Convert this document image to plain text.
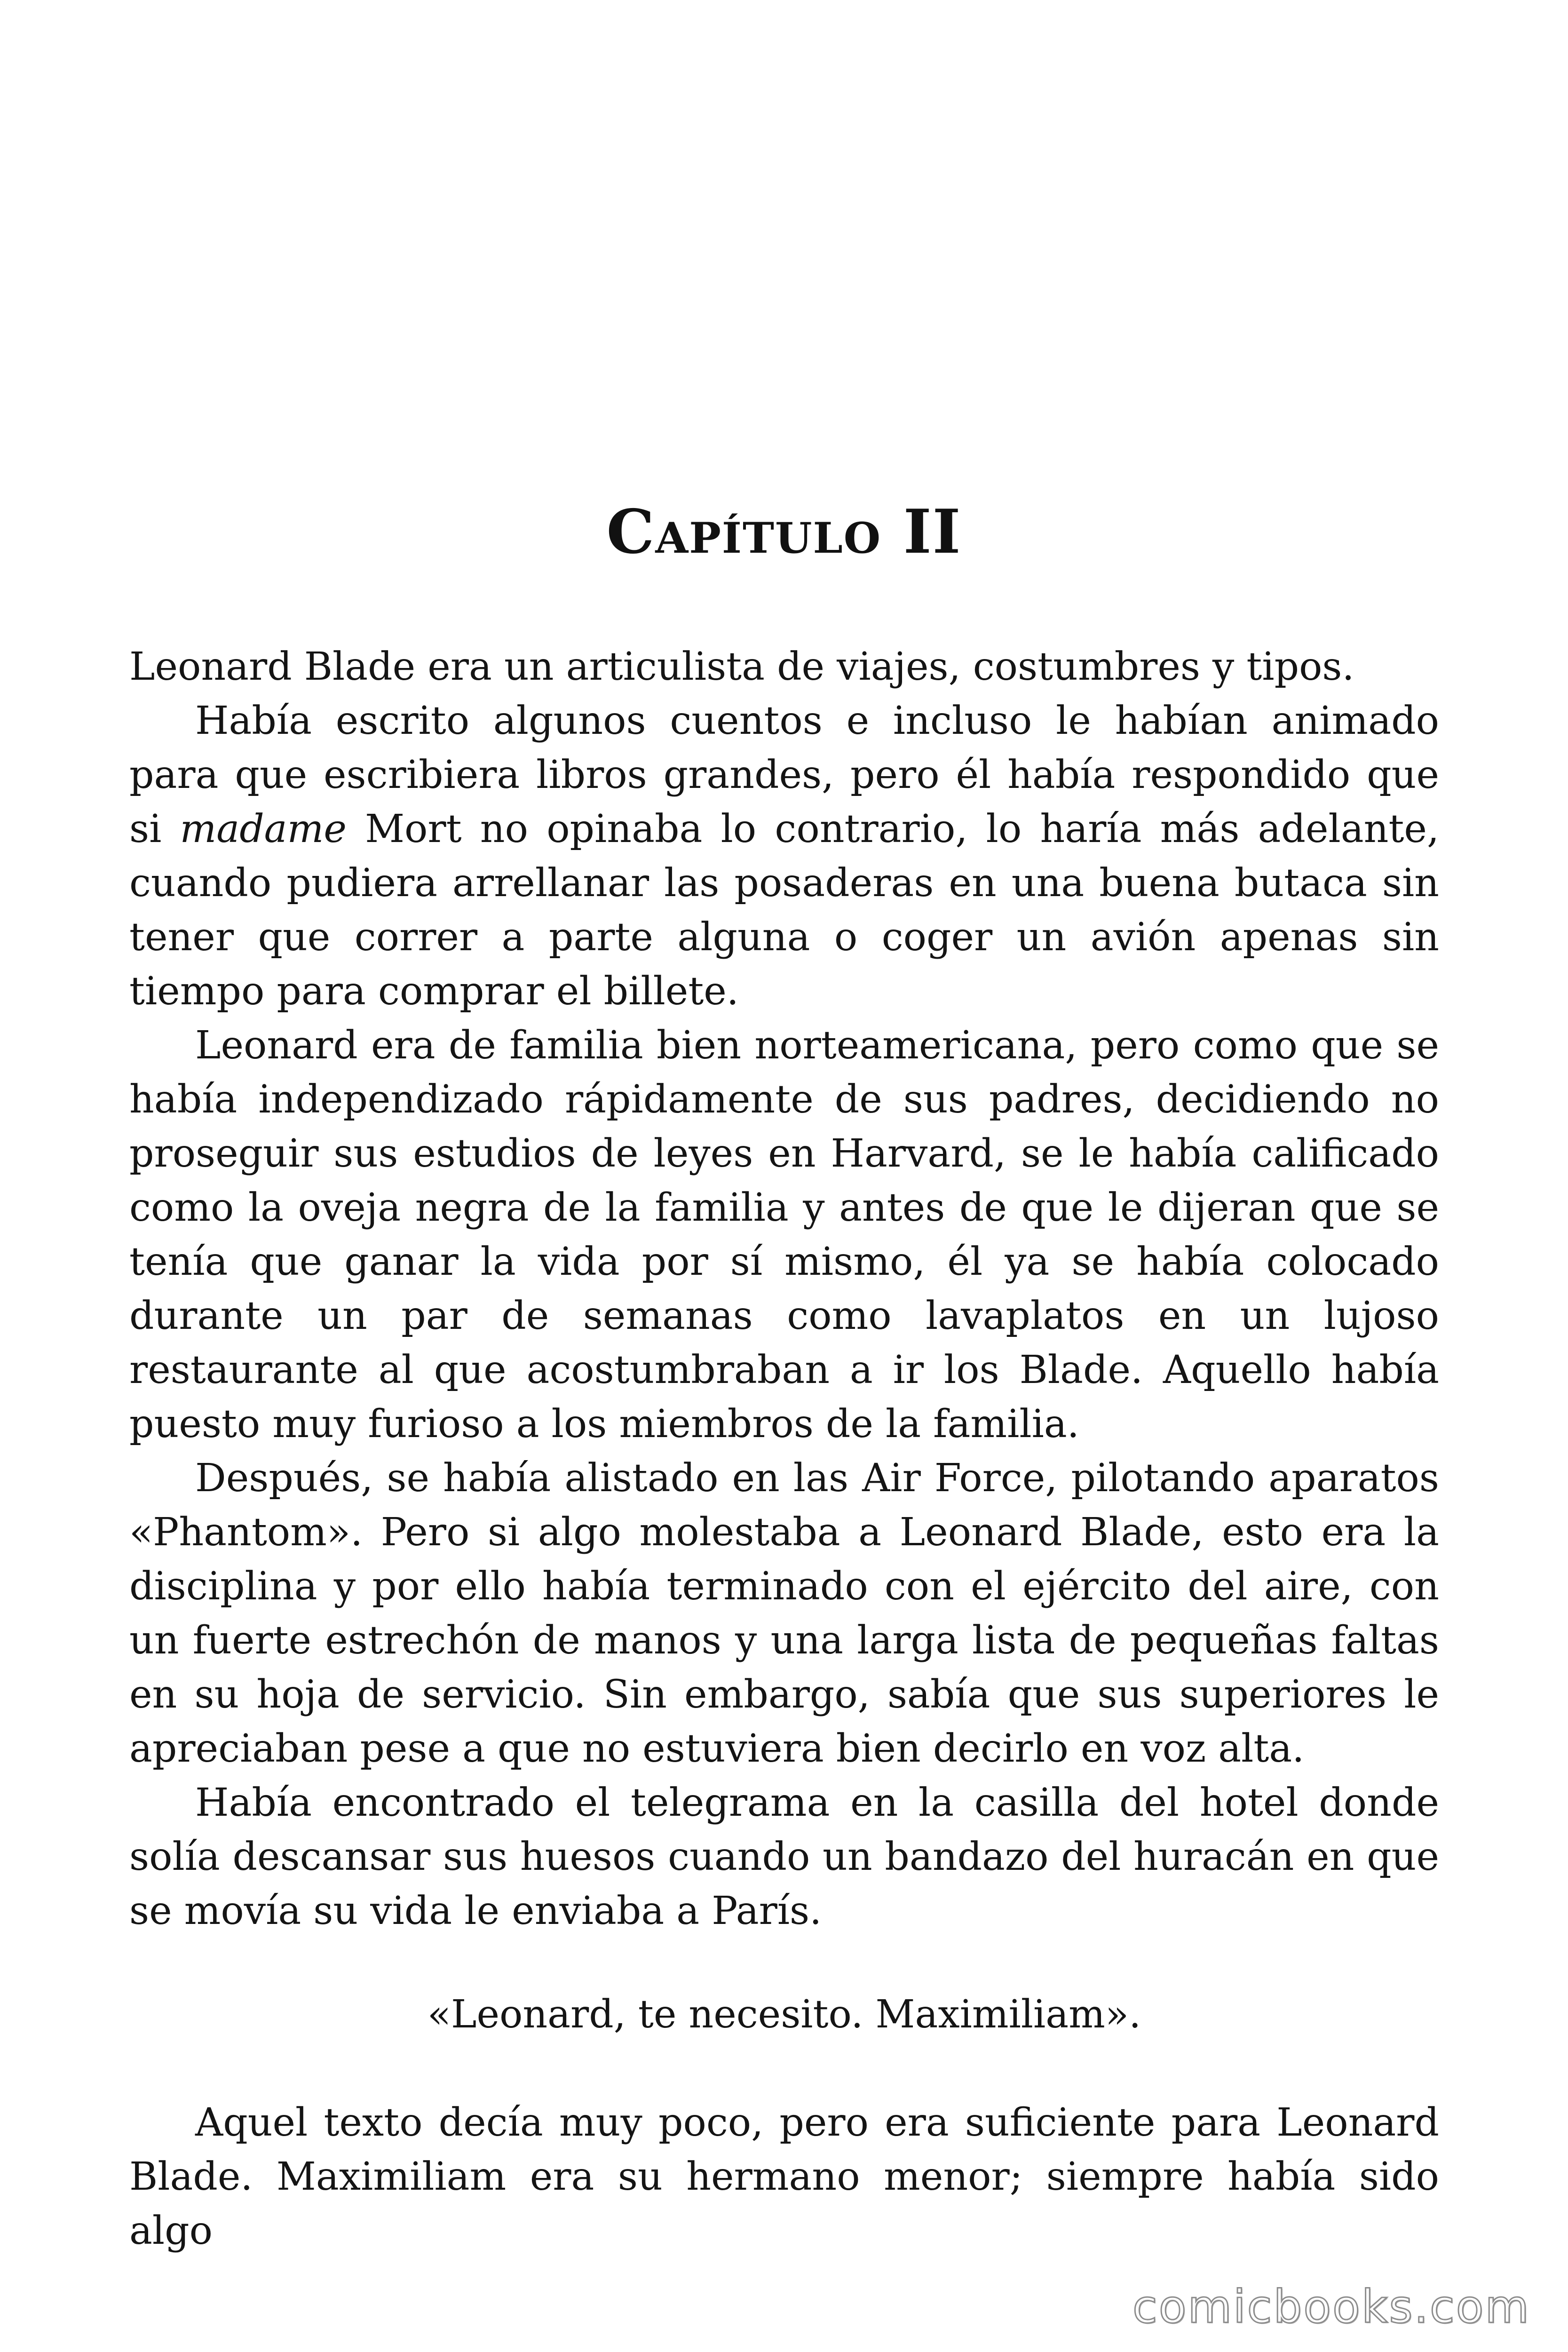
Capítulo II

Leonard Blade era un articulista de viajes, costumbres y tipos.

Había escrito algunos cuentos e incluso le habían animado para que escribiera libros grandes, pero él había respondido que si madame Mort no opinaba lo contrario, lo haría más adelante, cuando pudiera arrellanar las posaderas en una buena butaca sin tener que correr a parte alguna o coger un avión apenas sin tiempo para comprar el billete.

Leonard era de familia bien norteamericana, pero como que se había independizado rápidamente de sus padres, decidiendo no proseguir sus estudios de leyes en Harvard, se le había calificado como la oveja negra de la familia y antes de que le dijeran que se tenía que ganar la vida por sí mismo, él ya se había colocado durante un par de semanas como lavaplatos en un lujoso restaurante al que acostumbraban a ir los Blade. Aquello había puesto muy furioso a los miembros de la familia.

Después, se había alistado en las Air Force, pilotando aparatos «Phantom». Pero si algo molestaba a Leonard Blade, esto era la disciplina y por ello había terminado con el ejército del aire, con un fuerte estrechón de manos y una larga lista de pequeñas faltas en su hoja de servicio. Sin embargo, sabía que sus superiores le apreciaban pese a que no estuviera bien decirlo en voz alta.

Había encontrado el telegrama en la casilla del hotel donde solía descansar sus huesos cuando un bandazo del huracán en que se movía su vida le enviaba a París.

«Leonard, te necesito. Maximiliam».

Aquel texto decía muy poco, pero era suficiente para Leonard Blade. Maximiliam era su hermano menor; siempre había sido algo

comicbooks.com
